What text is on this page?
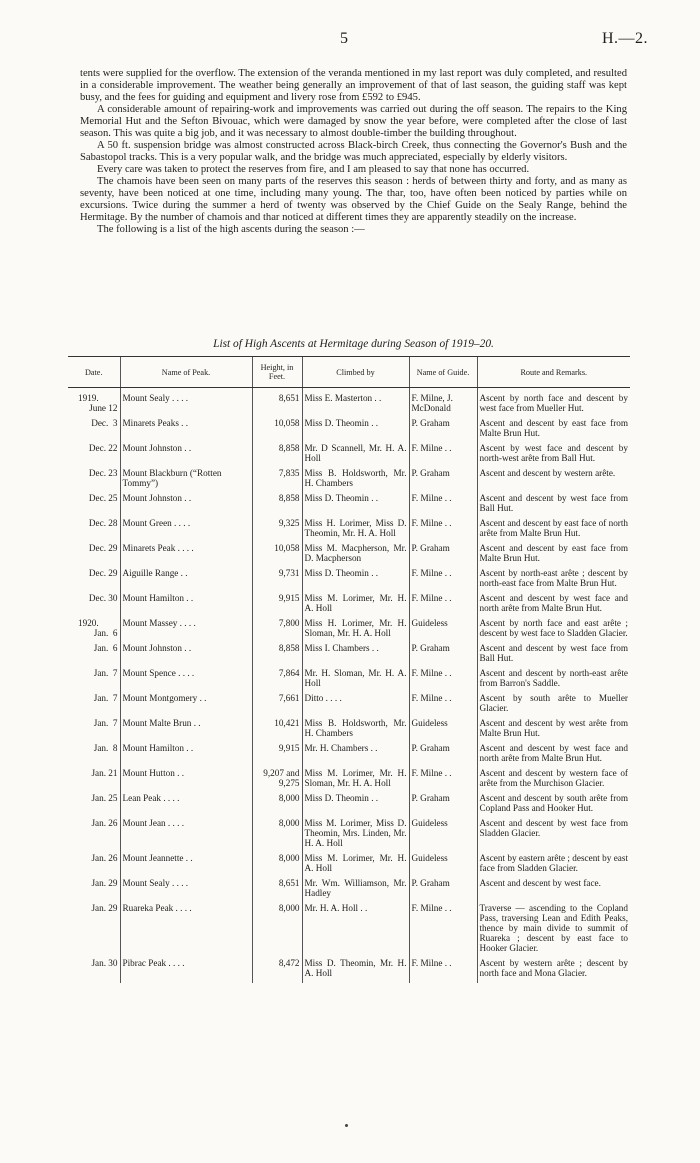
5	H.—2.

tents were supplied for the overflow. The extension of the veranda mentioned in my last report was duly completed, and resulted in a considerable improvement. The weather being generally an improvement of that of last season, the guiding staff was kept busy, and the fees for guiding and equipment and livery rose from £592 to £945.

A considerable amount of repairing-work and improvements was carried out during the off season. The repairs to the King Memorial Hut and the Sefton Bivouac, which were damaged by snow the year before, were completed after the close of last season. This was quite a big job, and it was necessary to almost double-timber the building throughout.

A 50 ft. suspension bridge was almost constructed across Black-birch Creek, thus connecting the Governor's Bush and the Sabastopol tracks. This is a very popular walk, and the bridge was much appreciated, especially by elderly visitors.

Every care was taken to protect the reserves from fire, and I am pleased to say that none has occurred.

The chamois have been seen on many parts of the reserves this season : herds of between thirty and forty, and as many as seventy, have been noticed at one time, including many young. The thar, too, have often been noticed by parties while on excursions. Twice during the summer a herd of twenty was observed by the Chief Guide on the Sealy Range, behind the Hermitage. By the number of chamois and thar noticed at different times they are apparently steadily on the increase.

The following is a list of the high ascents during the season :—

List of High Ascents at Hermitage during Season of 1919–20.
Date.	Name of Peak.	Height, in Feet.	Climbed by	Name of Guide.	Route and Remarks.

1919.
June 12	Mount Sealy . . . .	8,651	Miss E. Masterton . .	F. Milne, J. McDonald	Ascent by north face and descent by west face from Mueller Hut.

Dec.  3	Minarets Peaks . .	10,058	Miss D. Theomin . .	P. Graham	Ascent and descent by east face from Malte Brun Hut.

Dec. 22	Mount Johnston . .	8,858	Mr. D Scannell, Mr. H. A. Holl	F. Milne . .	Ascent by west face and descent by north-west arête from Ball Hut.

Dec. 23	Mount Blackburn (“Rotten Tommy”)	7,835	Miss B. Holdsworth, Mr. H. Chambers	P. Graham	Ascent and descent by western arête.

Dec. 25	Mount Johnston . .	8,858	Miss D. Theomin . .	F. Milne . .	Ascent and descent by west face from Ball Hut.

Dec. 28	Mount Green . . . .	9,325	Miss H. Lorimer, Miss D. Theomin, Mr. H. A. Holl	F. Milne . .	Ascent and descent by east face of north arête from Malte Brun Hut.

Dec. 29	Minarets Peak . . . .	10,058	Miss M. Macpherson, Mr. D. Macpherson	P. Graham	Ascent and descent by east face from Malte Brun Hut.

Dec. 29	Aiguille Range . .	9,731	Miss D. Theomin . .	F. Milne . .	Ascent by north-east arête ; descent by north-east face from Malte Brun Hut.

Dec. 30	Mount Hamilton . .	9,915	Miss M. Lorimer, Mr. H. A. Holl	F. Milne . .	Ascent and descent by west face and north arête from Malte Brun Hut.

1920.
Jan.  6	Mount Massey . . . .	7,800	Miss H. Lorimer, Mr. H. Sloman, Mr. H. A. Holl	Guideless	Ascent by north face and east arête ; descent by west face to Sladden Glacier.

Jan.  6	Mount Johnston . .	8,858	Miss I. Chambers . .	P. Graham	Ascent and descent by west face from Ball Hut.

Jan.  7	Mount Spence . . . .	7,864	Mr. H. Sloman, Mr. H. A. Holl	F. Milne . .	Ascent and descent by north-east arête from Barron's Saddle.

Jan.  7	Mount Montgomery . .	7,661	Ditto . . . .	F. Milne . .	Ascent by south arête to Mueller Glacier.

Jan.  7	Mount Malte Brun . .	10,421	Miss B. Holdsworth, Mr. H. Chambers	Guideless	Ascent and descent by west arête from Malte Brun Hut.

Jan.  8	Mount Hamilton . .	9,915	Mr. H. Chambers . .	P. Graham	Ascent and descent by west face and north arête from Malte Brun Hut.

Jan. 21	Mount Hutton . .	9,207 and 9,275	Miss M. Lorimer, Mr. H. Sloman, Mr. H. A. Holl	F. Milne . .	Ascent and descent by western face of arête from the Murchison Glacier.

Jan. 25	Lean Peak . . . .	8,000	Miss D. Theomin . .	P. Graham	Ascent and descent by south arête from Copland Pass and Hooker Hut.

Jan. 26	Mount Jean . . . .	8,000	Miss M. Lorimer, Miss D. Theomin, Mrs. Linden, Mr. H. A. Holl	Guideless	Ascent and descent by west face from Sladden Glacier.

Jan. 26	Mount Jeannette . .	8,000	Miss M. Lorimer, Mr. H. A. Holl	Guideless	Ascent by eastern arête ; descent by east face from Sladden Glacier.

Jan. 29	Mount Sealy . . . .	8,651	Mr. Wm. Williamson, Mr. Hadley	P. Graham	Ascent and descent by west face.

Jan. 29	Ruareka Peak . . . .	8,000	Mr. H. A. Holl . .	F. Milne . .	Traverse — ascending to the Copland Pass, traversing Lean and Edith Peaks, thence by main divide to summit of Ruareka ; descent by east face to Hooker Glacier.

Jan. 30	Pibrac Peak . . . .	8,472	Miss D. Theomin, Mr. H. A. Holl	F. Milne . .	Ascent by western arête ; descent by north face and Mona Glacier.
